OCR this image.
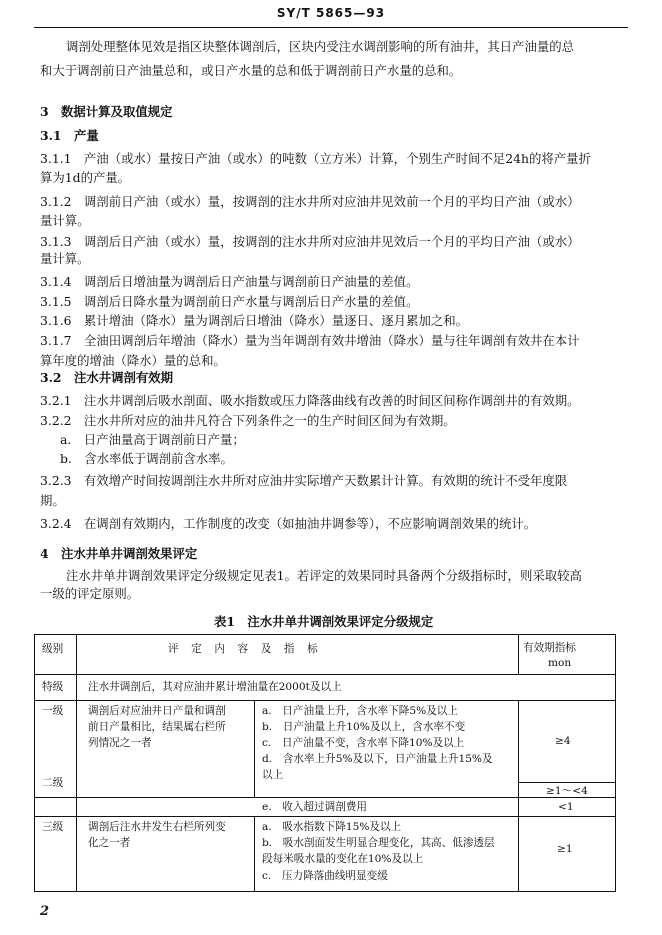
SY/T 5865—93
调剖处理整体见效是指区块整体调剖后，区块内受注水调剖影响的所有油井，其日产油量的总
和大于调剖前日产油量总和，或日产水量的总和低于调剖前日产水量的总和。
3　数据计算及取值规定
3.1　产量
3.1.1　产油（或水）量按日产油（或水）的吨数（立方米）计算，个别生产时间不足24h的将产量折
算为1d的产量。
3.1.2　调剖前日产油（或水）量，按调剖的注水井所对应油井见效前一个月的平均日产油（或水）
量计算。
3.1.3　调剖后日产油（或水）量，按调剖的注水井所对应油井见效后一个月的平均日产油（或水）
量计算。
3.1.4　调剖后日增油量为调剖后日产油量与调剖前日产油量的差值。
3.1.5　调剖后日降水量为调剖前日产水量与调剖后日产水量的差值。
3.1.6　累计增油（降水）量为调剖后日增油（降水）量逐日、逐月累加之和。
3.1.7　全油田调剖后年增油（降水）量为当年调剖有效井增油（降水）量与往年调剖有效井在本计
算年度的增油（降水）量的总和。
3.2　注水井调剖有效期
3.2.1　注水井调剖后吸水剖面、吸水指数或压力降落曲线有改善的时间区间称作调剖井的有效期。
3.2.2　注水井所对应的油井凡符合下列条件之一的生产时间区间为有效期。
a.　日产油量高于调剖前日产量；
b.　含水率低于调剖前含水率。
3.2.3　有效增产时间按调剖注水井所对应油井实际增产天数累计计算。有效期的统计不受年度限
期。
3.2.4　在调剖有效期内，工作制度的改变（如抽油井调参等），不应影响调剖效果的统计。
4　注水井单井调剖效果评定
注水井单井调剖效果评定分级规定见表1。若评定的效果同时具备两个分级指标时，则采取较高
一级的评定原则。
表1　注水井单井调剖效果评定分级规定
级别	评　定　内　容　及　指　标	有效期指标
mon
特级 注水井调剖后，其对应油井累计增油量在2000t及以上
一级
二级
调剖后对应油井日产量和调剖
前日产量相比，结果属右栏所
列情况之一者
a.　日产油量上升，含水率下降5%及以上
b.　日产油量上升10%及以上，含水率不变
c.　日产油量不变，含水率下降10%及以上
d.　含水率上升5%及以下，日产油量上升15%及
以上
e.　收入超过调剖费用
≥4
≥1～<4
<1
三级 调剖后注水井发生右栏所列变
化之一者
a.　吸水指数下降15%及以上
b.　吸水剖面发生明显合理变化，其高、低渗透层
段每米吸水量的变化在10%及以上
c.　压力降落曲线明显变缓
≥1
2
